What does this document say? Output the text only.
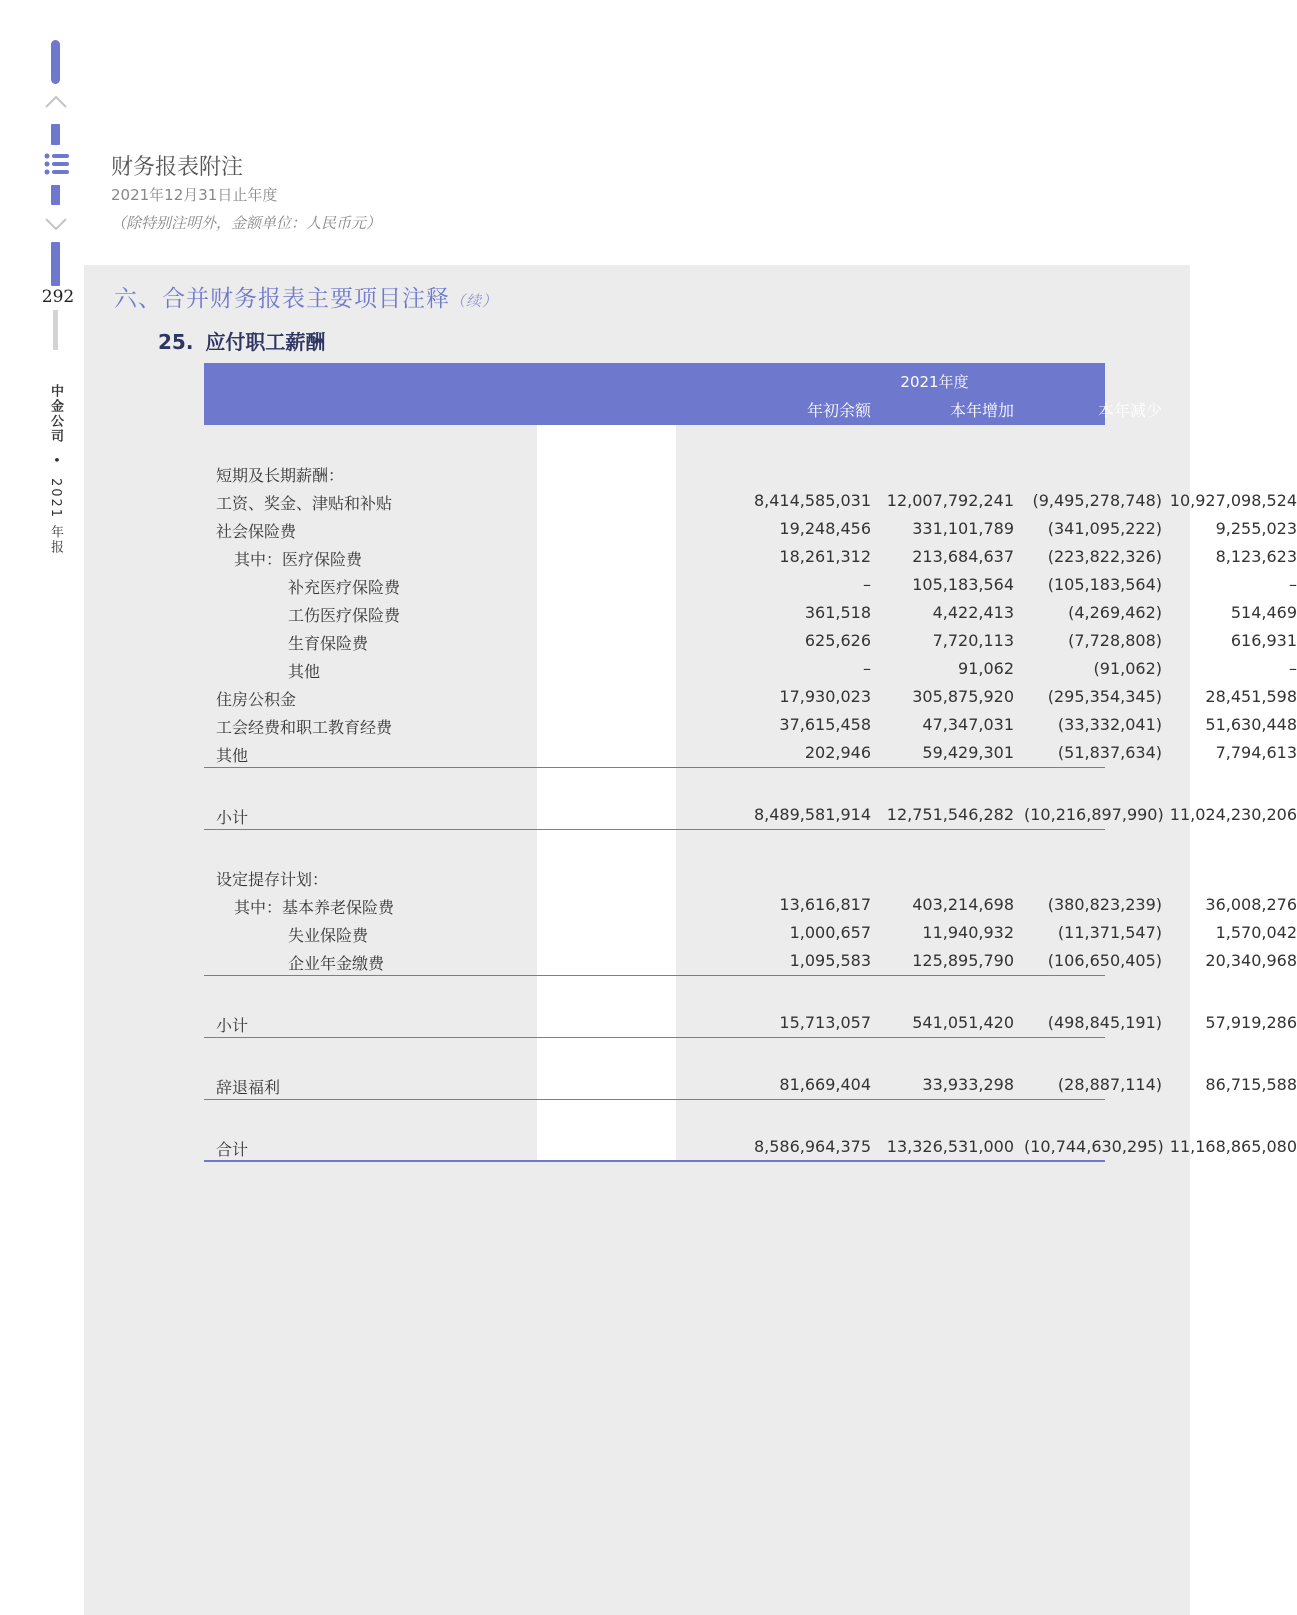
292
中金公司 • 2021 年报
财务报表附注
2021年12月31日止年度
（除特别注明外，金额单位：人民币元）
六、合并财务报表主要项目注释（续）
25. 应付职工薪酬
2021年度
年初余额	本年增加	本年减少	年末余额
短期及长期薪酬：
工资、奖金、津贴和补贴	8,414,585,031 12,007,792,241	(9,495,278,748) 10,927,098,524
社会保险费	19,248,456	331,101,789	(341,095,222)	9,255,023
其中：医疗保险费	18,261,312	213,684,637	(223,822,326)	8,123,623
补充医疗保险费	–	105,183,564	(105,183,564)	–
工伤医疗保险费	361,518	4,422,413	(4,269,462)	514,469
生育保险费	625,626	7,720,113	(7,728,808)	616,931
其他	–	91,062	(91,062)	–
住房公积金	17,930,023	305,875,920	(295,354,345)	28,451,598
工会经费和职工教育经费	37,615,458	47,347,031	(33,332,041)	51,630,448
其他	202,946	59,429,301	(51,837,634)	7,794,613
小计	8,489,581,914 12,751,546,282 (10,216,897,990) 11,024,230,206
设定提存计划：
其中：基本养老保险费	13,616,817	403,214,698	(380,823,239)	36,008,276
失业保险费	1,000,657	11,940,932	(11,371,547)	1,570,042
企业年金缴费	1,095,583	125,895,790	(106,650,405)	20,340,968
小计	15,713,057	541,051,420	(498,845,191)	57,919,286
辞退福利	81,669,404	33,933,298	(28,887,114)	86,715,588
合计	8,586,964,375 13,326,531,000 (10,744,630,295) 11,168,865,080
